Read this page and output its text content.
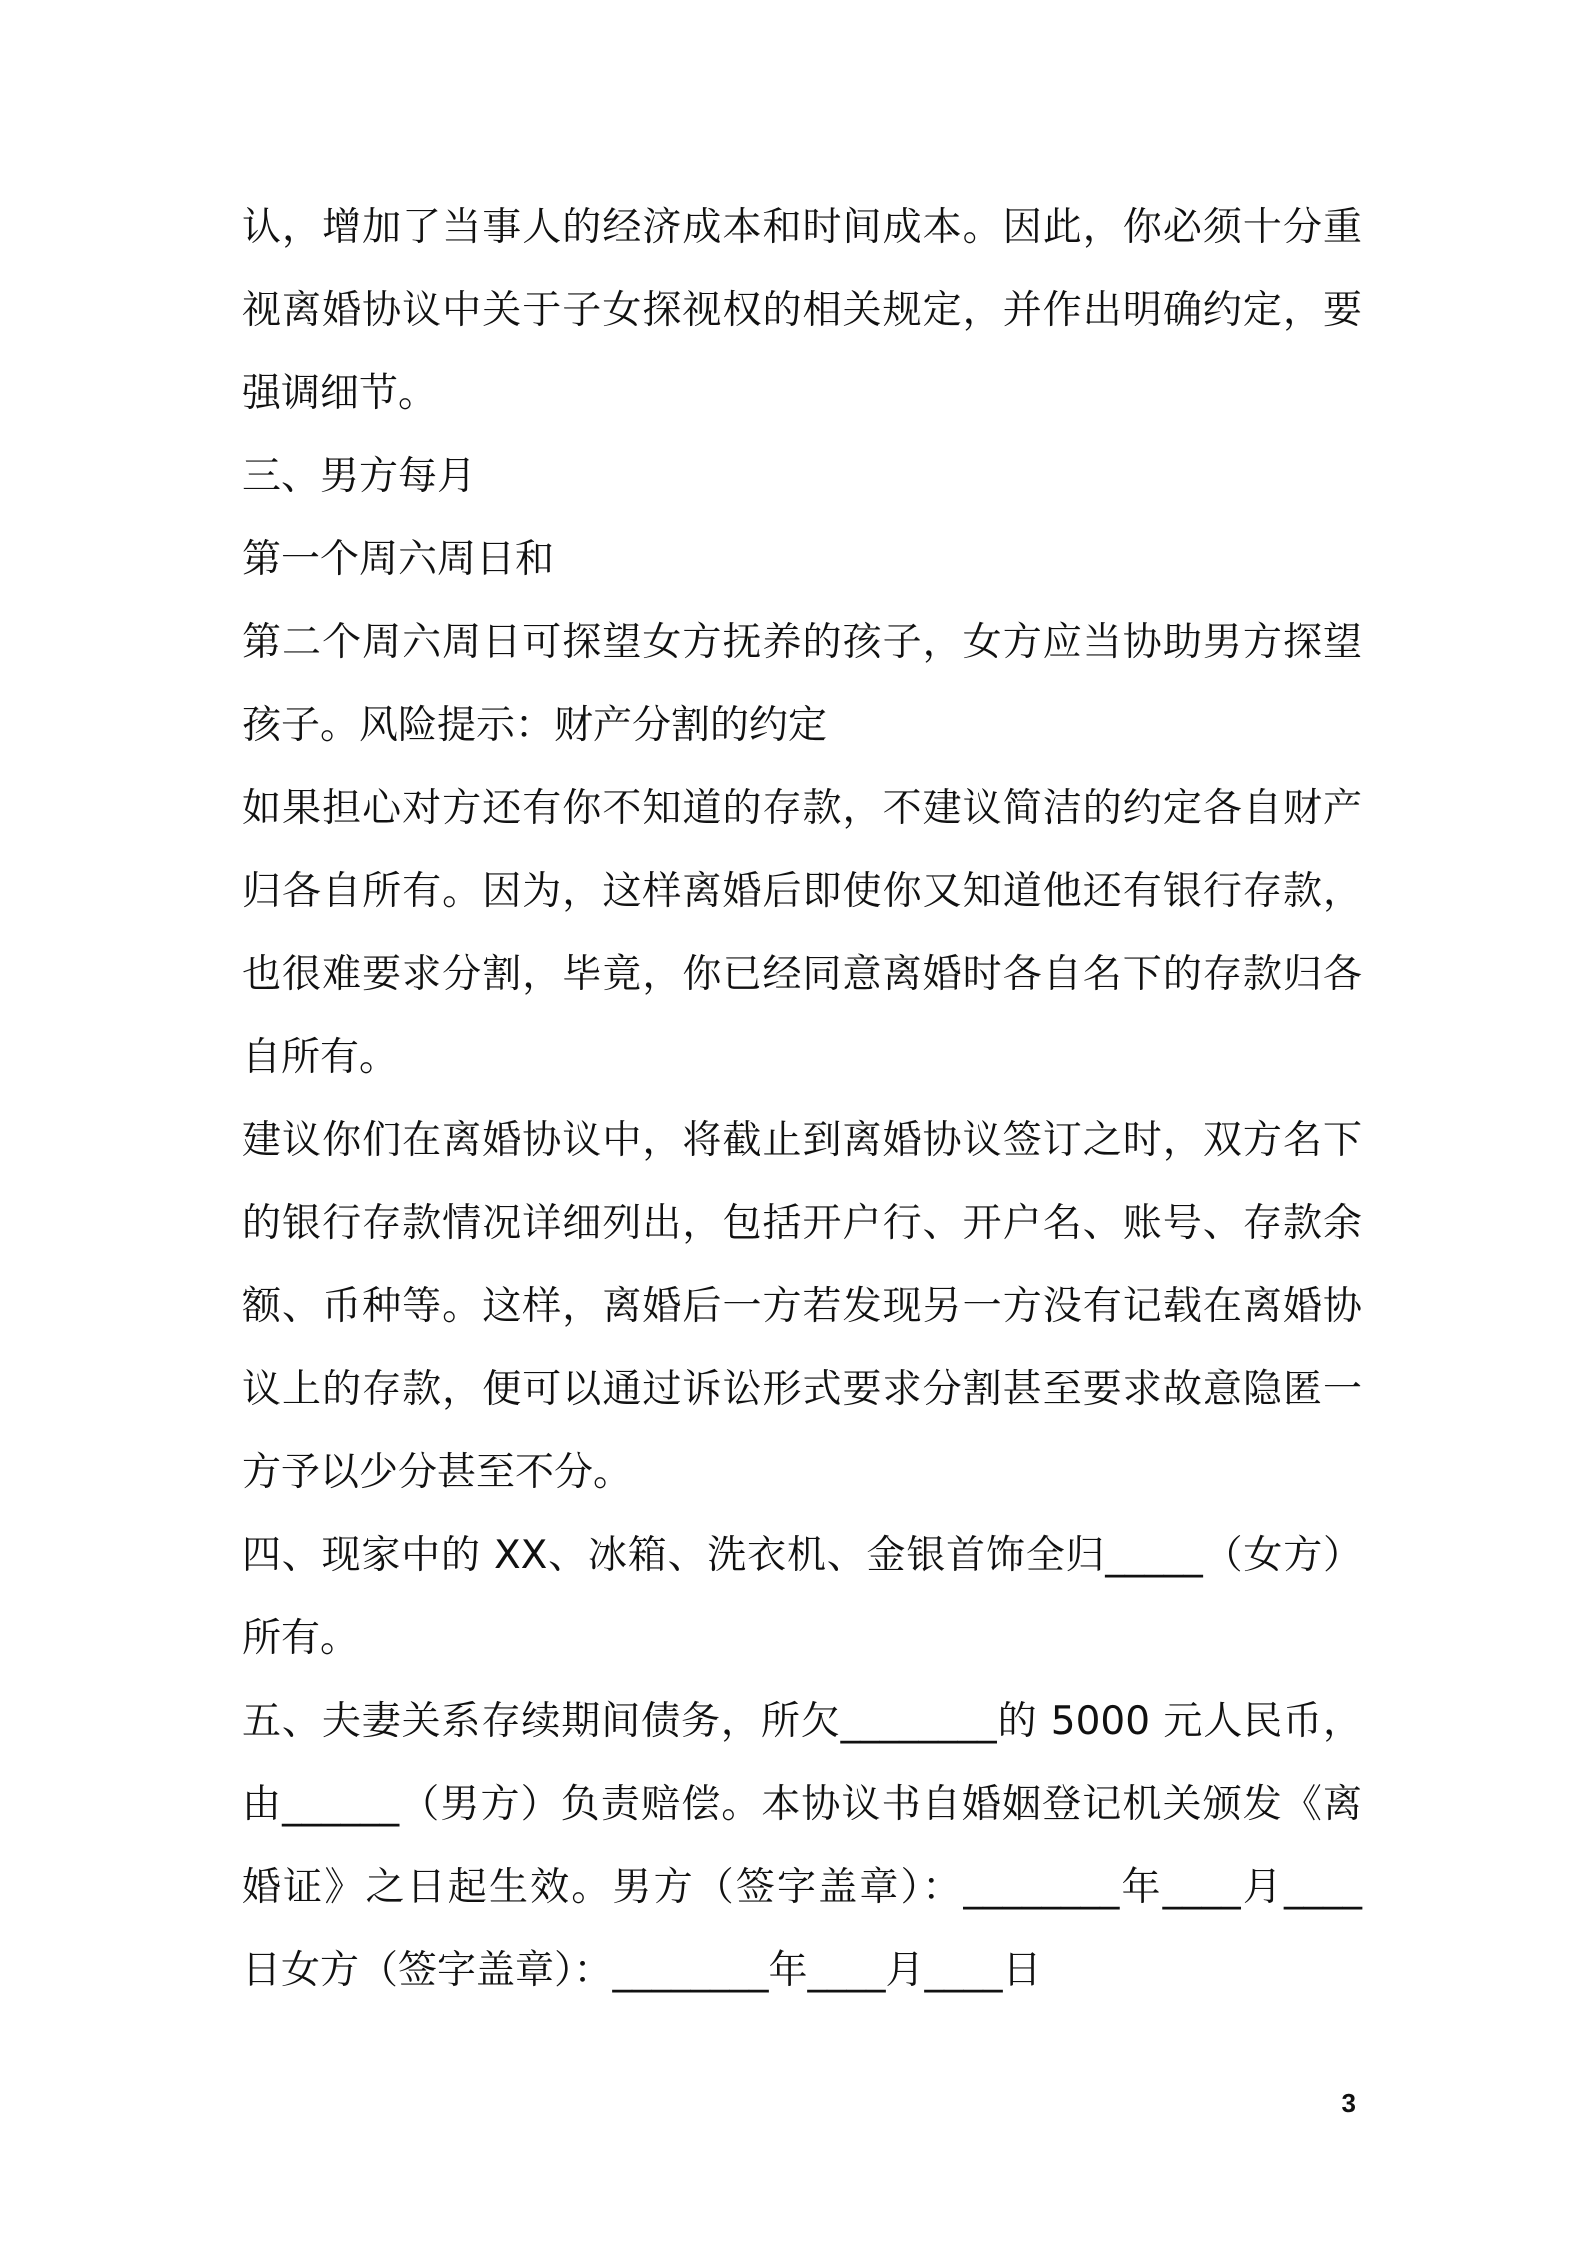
认，增加了当事人的经济成本和时间成本。因此，你必须十分重
视离婚协议中关于子女探视权的相关规定，并作出明确约定，要
强调细节。
三、男方每月
第一个周六周日和
第二个周六周日可探望女方抚养的孩子，女方应当协助男方探望
孩子。风险提示：财产分割的约定
如果担心对方还有你不知道的存款，不建议简洁的约定各自财产
归各自所有。因为，这样离婚后即使你又知道他还有银行存款，
也很难要求分割，毕竟，你已经同意离婚时各自名下的存款归各
自所有。
建议你们在离婚协议中，将截止到离婚协议签订之时，双方名下
的银行存款情况详细列出，包括开户行、开户名、账号、存款余
额、币种等。这样，离婚后一方若发现另一方没有记载在离婚协
议上的存款，便可以通过诉讼形式要求分割甚至要求故意隐匿一
方予以少分甚至不分。
四、现家中的 XX、冰箱、洗衣机、金银首饰全归_____（女方）
所有。
五、夫妻关系存续期间债务，所欠________的 5000 元人民币，
由______（男方）负责赔偿。本协议书自婚姻登记机关颁发《离
婚证》之日起生效。男方（签字盖章）：________年____月____
日女方（签字盖章）：________年____月____日
3
